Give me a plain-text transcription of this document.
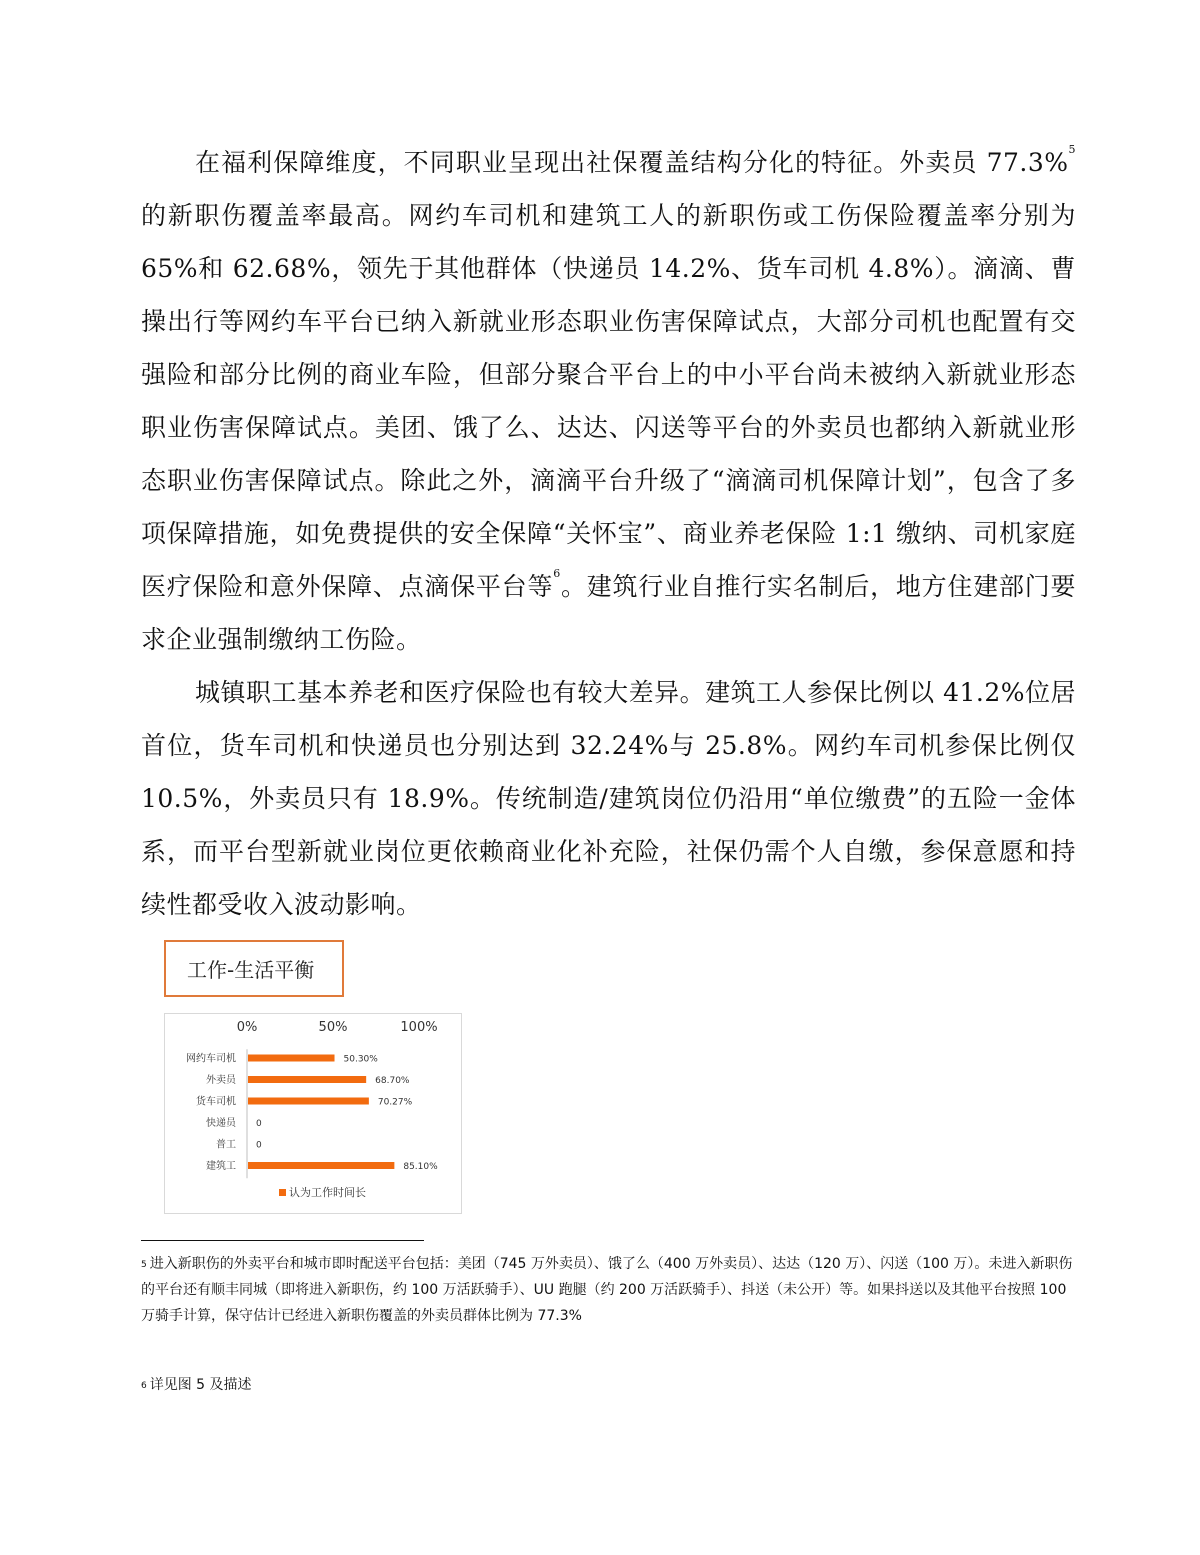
在福利保障维度，不同职业呈现出社保覆盖结构分化的特征。外卖员 77.3%$^5$的新职伤覆盖率最高。网约车司机和建筑工人的新职伤或工伤保险覆盖率分别为 65%和 62.68%，领先于其他群体（快递员 14.2%、货车司机 4.8%）。滴滴、曹操出行等网约车平台已纳入新就业形态职业伤害保障试点，大部分司机也配置有交强险和部分比例的商业车险，但部分聚合平台上的中小平台尚未被纳入新就业形态职业伤害保障试点。美团、饿了么、达达、闪送等平台的外卖员也都纳入新就业形态职业伤害保障试点。除此之外，滴滴平台升级了“滴滴司机保障计划”，包含了多项保障措施，如免费提供的安全保障“关怀宝”、商业养老保险 1:1 缴纳、司机家庭医疗保险和意外保障、点滴保平台等$^6$。建筑行业自推行实名制后，地方住建部门要求企业强制缴纳工伤险。

城镇职工基本养老和医疗保险也有较大差异。建筑工人参保比例以 41.2%位居首位，货车司机和快递员也分别达到 32.24%与 25.8%。网约车司机参保比例仅 10.5%，外卖员只有 18.9%。传统制造/建筑岗位仍沿用“单位缴费”的五险一金体系，而平台型新就业岗位更依赖商业化补充险，社保仍需个人自缴，参保意愿和持续性都受收入波动影响。

工作-生活平衡
0%	50%	100%
网约车司机	50.30%
外卖员	68.70%
货车司机	70.27%
快递员 0
普工 0
建筑工	85.10%
认为工作时间长
$^5$ 进入新职伤的外卖平台和城市即时配送平台包括：美团（745 万外卖员）、饿了么（400 万外卖员）、达达（120 万）、闪送（100 万）。未进入新职伤的平台还有顺丰同城（即将进入新职伤，约 100 万活跃骑手）、UU 跑腿（约 200 万活跃骑手）、抖送（未公开）等。如果抖送以及其他平台按照 100 万骑手计算，保守估计已经进入新职伤覆盖的外卖员群体比例为 77.3%
$^6$ 详见图 5 及描述
